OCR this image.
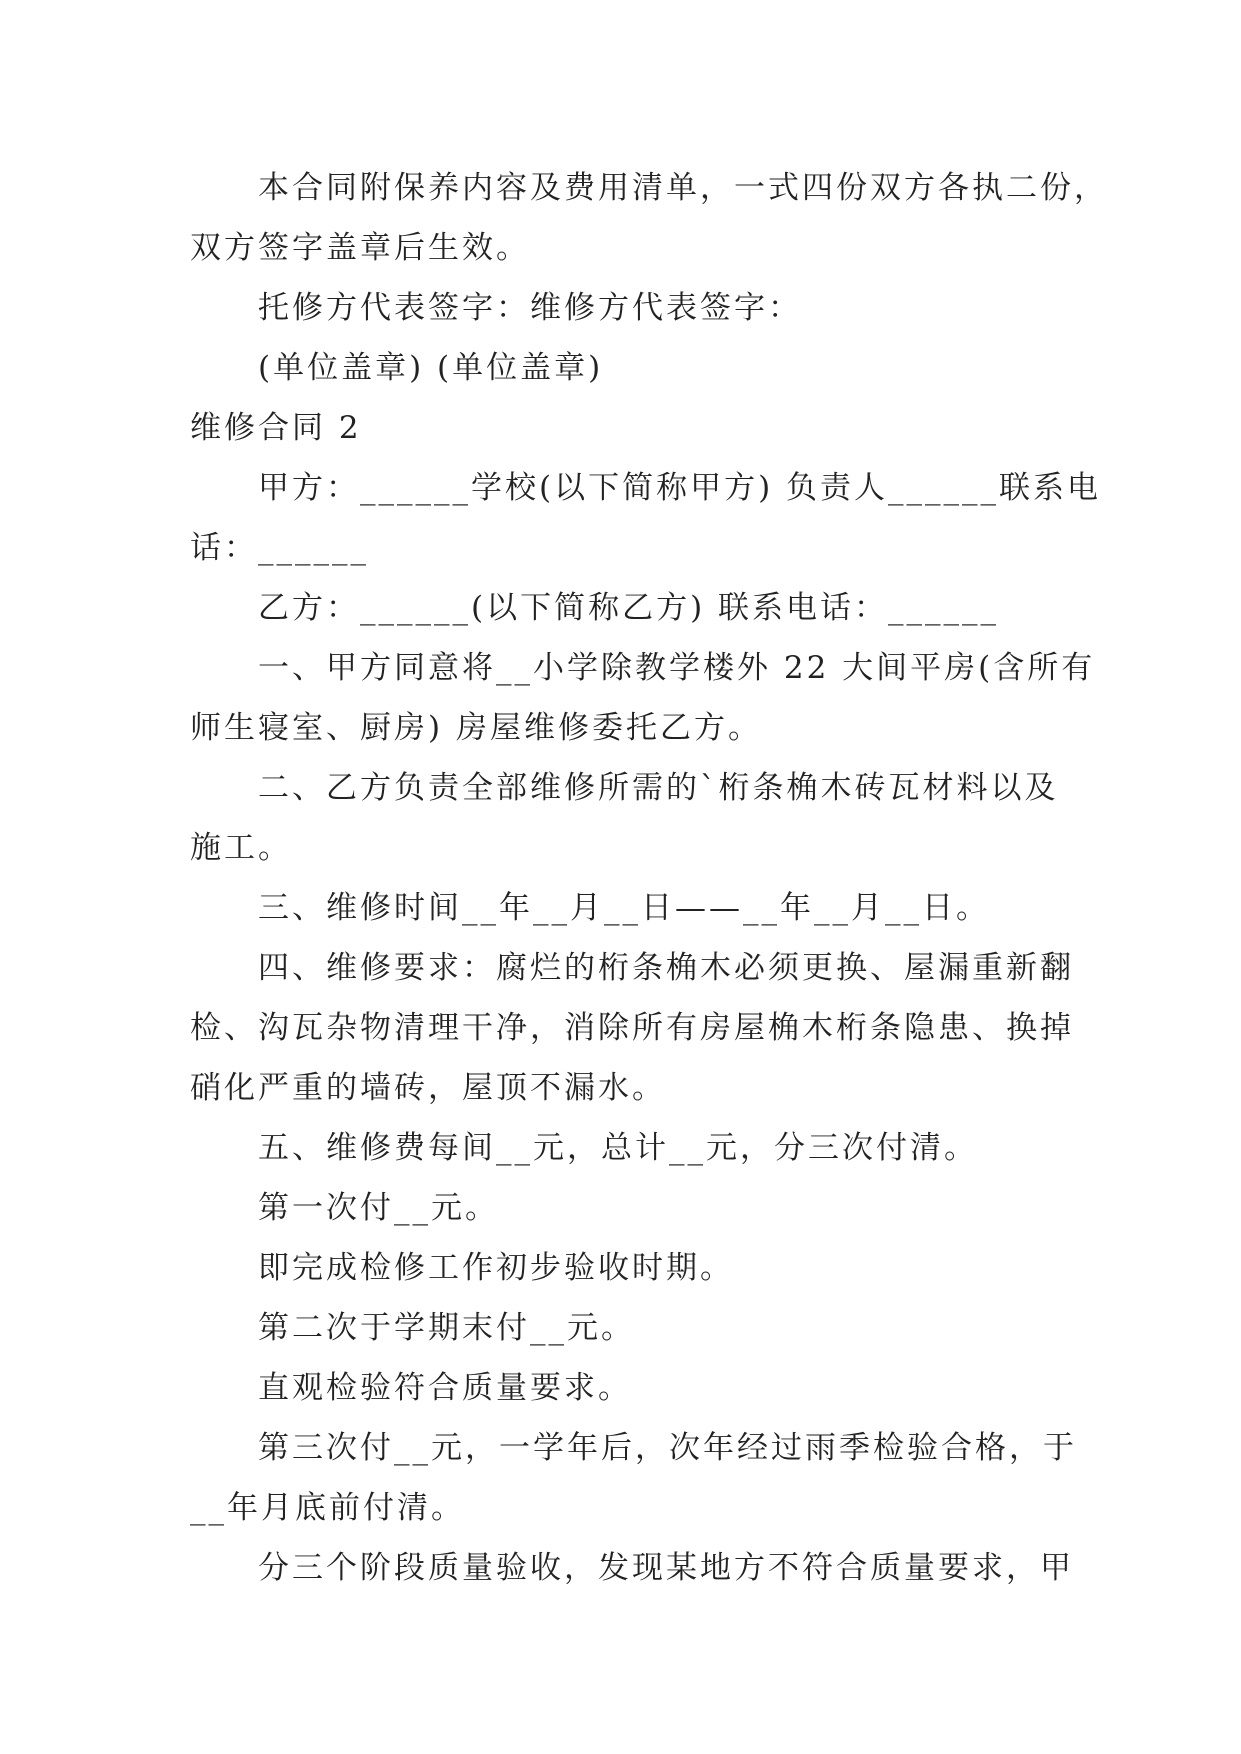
本合同附保养内容及费用清单，一式四份双方各执二份，
双方签字盖章后生效。
托修方代表签字：维修方代表签字：
(单位盖章) (单位盖章)
维修合同 2
甲方：______学校(以下简称甲方) 负责人______联系电
话：______
乙方：______(以下简称乙方) 联系电话：______
一、甲方同意将__小学除教学楼外 22 大间平房(含所有
师生寝室、厨房) 房屋维修委托乙方。
二、乙方负责全部维修所需的`桁条桷木砖瓦材料以及
施工。
三、维修时间__年__月__日——__年__月__日。
四、维修要求：腐烂的桁条桷木必须更换、屋漏重新翻
检、沟瓦杂物清理干净，消除所有房屋桷木桁条隐患、换掉
硝化严重的墙砖，屋顶不漏水。
五、维修费每间__元，总计__元，分三次付清。
第一次付__元。
即完成检修工作初步验收时期。
第二次于学期末付__元。
直观检验符合质量要求。
第三次付__元，一学年后，次年经过雨季检验合格，于
__年月底前付清。
分三个阶段质量验收，发现某地方不符合质量要求，甲
